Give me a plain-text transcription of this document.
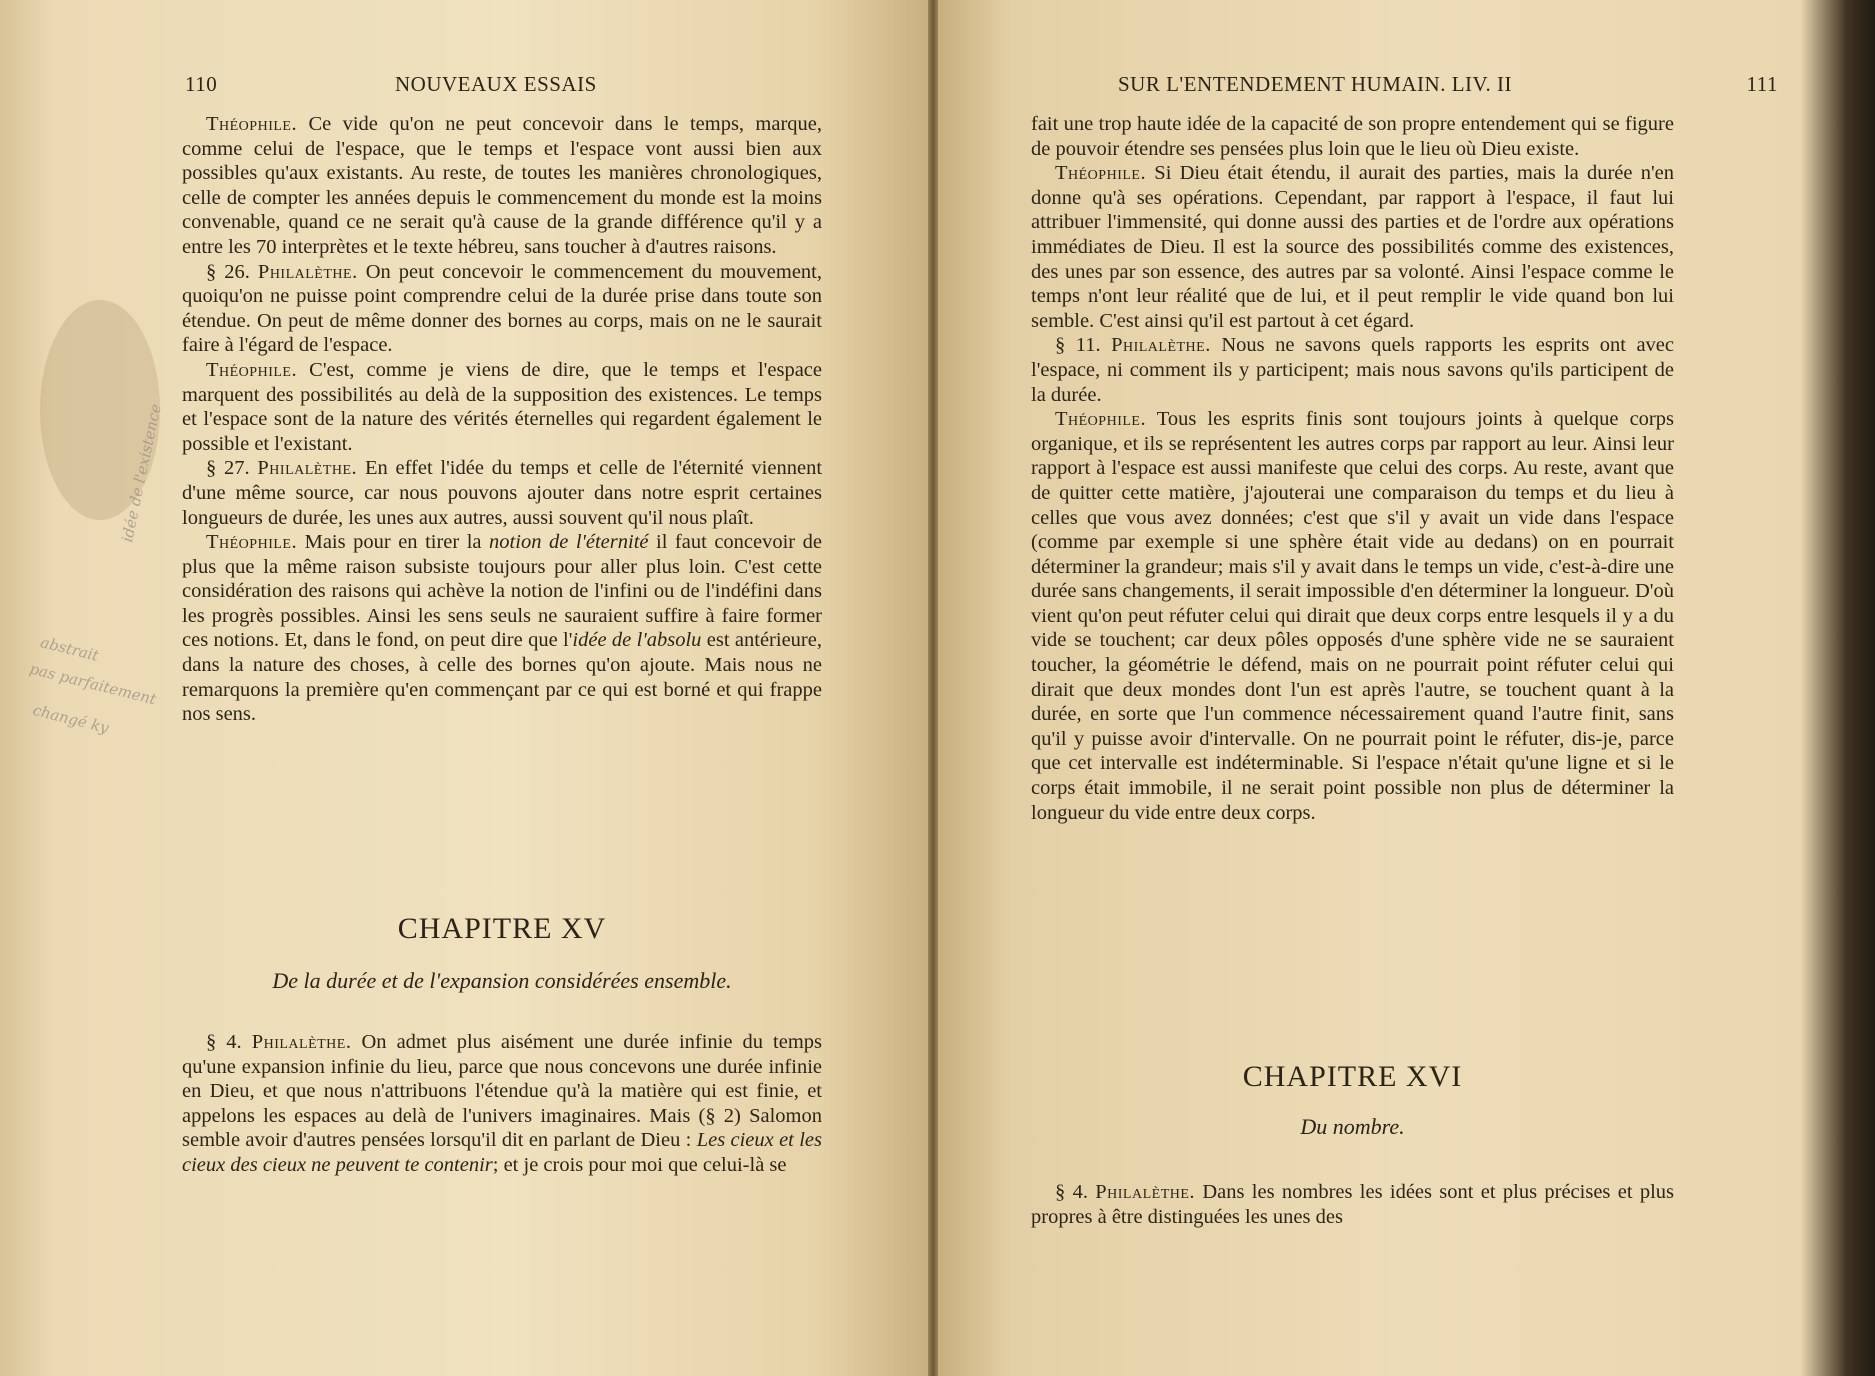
110	NOUVEAUX ESSAIS

Théophile. Ce vide qu'on ne peut concevoir dans le temps, marque, comme celui de l'espace, que le temps et l'espace vont aussi bien aux possibles qu'aux existants. Au reste, de toutes les manières chronologiques, celle de compter les années depuis le commencement du monde est la moins convenable, quand ce ne serait qu'à cause de la grande différence qu'il y a entre les 70 interprètes et le texte hébreu, sans toucher à d'autres raisons.

§ 26. Philalèthe. On peut concevoir le commencement du mouvement, quoiqu'on ne puisse point comprendre celui de la durée prise dans toute son étendue. On peut de même donner des bornes au corps, mais on ne le saurait faire à l'égard de l'espace.

Théophile. C'est, comme je viens de dire, que le temps et l'espace marquent des possibilités au delà de la supposition des existences. Le temps et l'espace sont de la nature des vérités éternelles qui regardent également le possible et l'existant.

§ 27. Philalèthe. En effet l'idée du temps et celle de l'éternité viennent d'une même source, car nous pouvons ajouter dans notre esprit certaines longueurs de durée, les unes aux autres, aussi souvent qu'il nous plaît.

Théophile. Mais pour en tirer la notion de l'éternité il faut concevoir de plus que la même raison subsiste toujours pour aller plus loin. C'est cette considération des raisons qui achève la notion de l'infini ou de l'indéfini dans les progrès possibles. Ainsi les sens seuls ne sauraient suffire à faire former ces notions. Et, dans le fond, on peut dire que l'idée de l'absolu est antérieure, dans la nature des choses, à celle des bornes qu'on ajoute. Mais nous ne remarquons la première qu'en commençant par ce qui est borné et qui frappe nos sens.

CHAPITRE XV
De la durée et de l'expansion considérées ensemble.

§ 4. Philalèthe. On admet plus aisément une durée infinie du temps qu'une expansion infinie du lieu, parce que nous concevons une durée infinie en Dieu, et que nous n'attribuons l'étendue qu'à la matière qui est finie, et appelons les espaces au delà de l'univers imaginaires. Mais (§ 2) Salomon semble avoir d'autres pensées lorsqu'il dit en parlant de Dieu : Les cieux et les cieux des cieux ne peuvent te contenir; et je crois pour moi que celui-là se

idée de l'existence
abstrait
pas parfaitement
changé ky
SUR L'ENTENDEMENT HUMAIN. LIV. II	111

fait une trop haute idée de la capacité de son propre entendement qui se figure de pouvoir étendre ses pensées plus loin que le lieu où Dieu existe.

Théophile. Si Dieu était étendu, il aurait des parties, mais la durée n'en donne qu'à ses opérations. Cependant, par rapport à l'espace, il faut lui attribuer l'immensité, qui donne aussi des parties et de l'ordre aux opérations immédiates de Dieu. Il est la source des possibilités comme des existences, des unes par son essence, des autres par sa volonté. Ainsi l'espace comme le temps n'ont leur réalité que de lui, et il peut remplir le vide quand bon lui semble. C'est ainsi qu'il est partout à cet égard.

§ 11. Philalèthe. Nous ne savons quels rapports les esprits ont avec l'espace, ni comment ils y participent; mais nous savons qu'ils participent de la durée.

Théophile. Tous les esprits finis sont toujours joints à quelque corps organique, et ils se représentent les autres corps par rapport au leur. Ainsi leur rapport à l'espace est aussi manifeste que celui des corps. Au reste, avant que de quitter cette matière, j'ajouterai une comparaison du temps et du lieu à celles que vous avez données; c'est que s'il y avait un vide dans l'espace (comme par exemple si une sphère était vide au dedans) on en pourrait déterminer la grandeur; mais s'il y avait dans le temps un vide, c'est-à-dire une durée sans changements, il serait impossible d'en déterminer la longueur. D'où vient qu'on peut réfuter celui qui dirait que deux corps entre lesquels il y a du vide se touchent; car deux pôles opposés d'une sphère vide ne se sauraient toucher, la géométrie le défend, mais on ne pourrait point réfuter celui qui dirait que deux mondes dont l'un est après l'autre, se touchent quant à la durée, en sorte que l'un commence nécessairement quand l'autre finit, sans qu'il y puisse avoir d'intervalle. On ne pourrait point le réfuter, dis-je, parce que cet intervalle est indéterminable. Si l'espace n'était qu'une ligne et si le corps était immobile, il ne serait point possible non plus de déterminer la longueur du vide entre deux corps.

CHAPITRE XVI
Du nombre.

§ 4. Philalèthe. Dans les nombres les idées sont et plus précises et plus propres à être distinguées les unes des
